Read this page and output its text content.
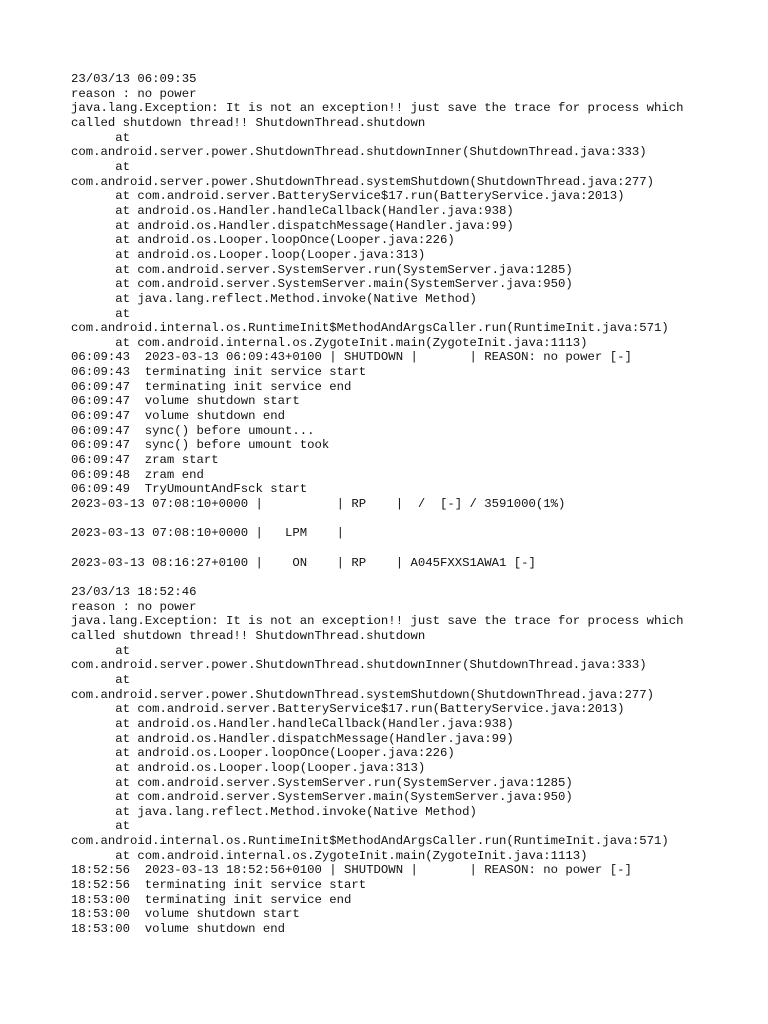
23/03/13 06:09:35
reason : no power
java.lang.Exception: It is not an exception!! just save the trace for process which
called shutdown thread!! ShutdownThread.shutdown
at
com.android.server.power.ShutdownThread.shutdownInner(ShutdownThread.java:333)
at
com.android.server.power.ShutdownThread.systemShutdown(ShutdownThread.java:277)
at com.android.server.BatteryService$17.run(BatteryService.java:2013)
at android.os.Handler.handleCallback(Handler.java:938)
at android.os.Handler.dispatchMessage(Handler.java:99)
at android.os.Looper.loopOnce(Looper.java:226)
at android.os.Looper.loop(Looper.java:313)
at com.android.server.SystemServer.run(SystemServer.java:1285)
at com.android.server.SystemServer.main(SystemServer.java:950)
at java.lang.reflect.Method.invoke(Native Method)
at
com.android.internal.os.RuntimeInit$MethodAndArgsCaller.run(RuntimeInit.java:571)
at com.android.internal.os.ZygoteInit.main(ZygoteInit.java:1113)
06:09:43  2023-03-13 06:09:43+0100 | SHUTDOWN |       | REASON: no power [-]
06:09:43  terminating init service start
06:09:47  terminating init service end
06:09:47  volume shutdown start
06:09:47  volume shutdown end
06:09:47  sync() before umount...
06:09:47  sync() before umount took
06:09:47  zram start
06:09:48  zram end
06:09:49  TryUmountAndFsck start
2023-03-13 07:08:10+0000 |          | RP    |  /  [-] / 3591000(1%)

2023-03-13 07:08:10+0000 |   LPM    |

2023-03-13 08:16:27+0100 |    ON    | RP    | A045FXXS1AWA1 [-]

23/03/13 18:52:46
reason : no power
java.lang.Exception: It is not an exception!! just save the trace for process which
called shutdown thread!! ShutdownThread.shutdown
at
com.android.server.power.ShutdownThread.shutdownInner(ShutdownThread.java:333)
at
com.android.server.power.ShutdownThread.systemShutdown(ShutdownThread.java:277)
at com.android.server.BatteryService$17.run(BatteryService.java:2013)
at android.os.Handler.handleCallback(Handler.java:938)
at android.os.Handler.dispatchMessage(Handler.java:99)
at android.os.Looper.loopOnce(Looper.java:226)
at android.os.Looper.loop(Looper.java:313)
at com.android.server.SystemServer.run(SystemServer.java:1285)
at com.android.server.SystemServer.main(SystemServer.java:950)
at java.lang.reflect.Method.invoke(Native Method)
at
com.android.internal.os.RuntimeInit$MethodAndArgsCaller.run(RuntimeInit.java:571)
at com.android.internal.os.ZygoteInit.main(ZygoteInit.java:1113)
18:52:56  2023-03-13 18:52:56+0100 | SHUTDOWN |       | REASON: no power [-]
18:52:56  terminating init service start
18:53:00  terminating init service end
18:53:00  volume shutdown start
18:53:00  volume shutdown end
